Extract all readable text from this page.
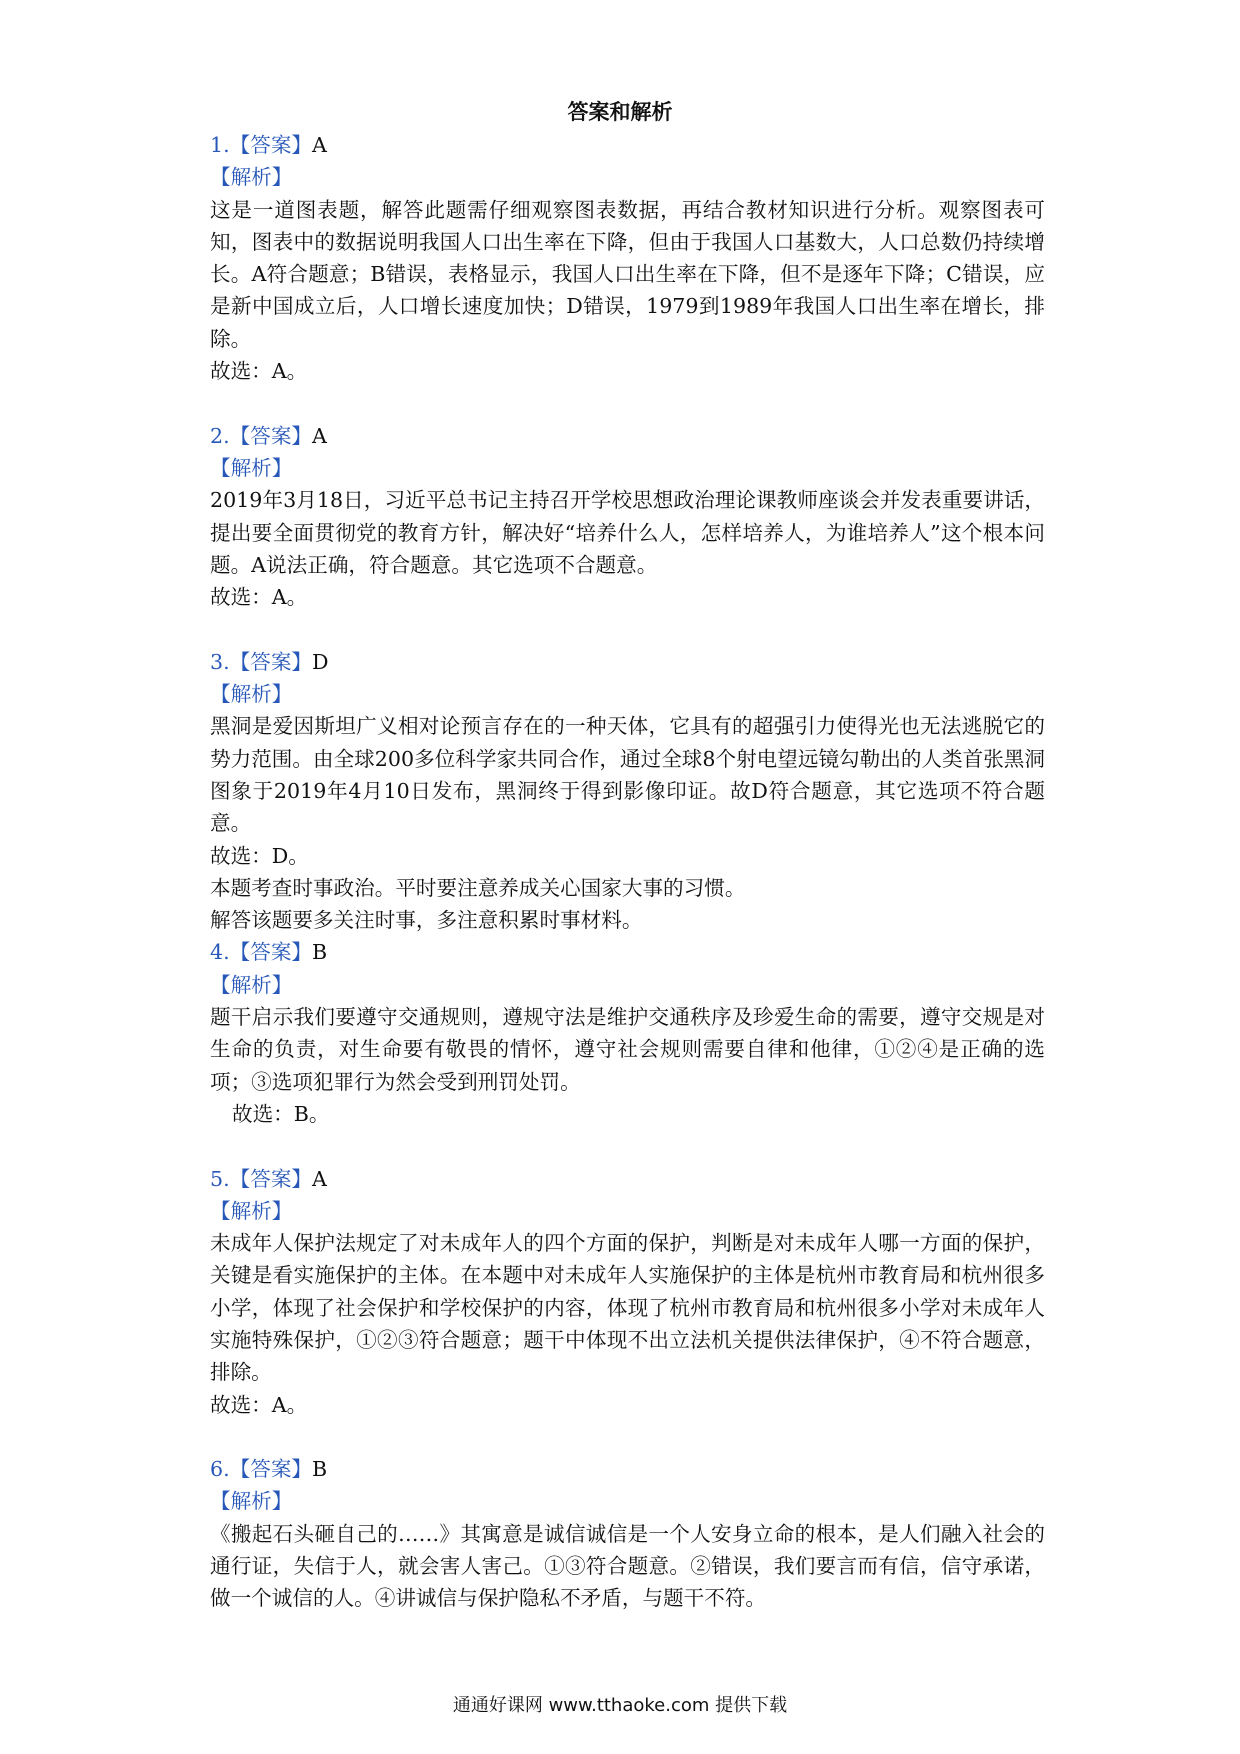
答案和解析
1.【答案】A
【解析】
这是一道图表题，解答此题需仔细观察图表数据，再结合教材知识进行分析。观察图表可知，图表中的数据说明我国人口出生率在下降，但由于我国人口基数大，人口总数仍持续增长。A符合题意；B错误，表格显示，我国人口出生率在下降，但不是逐年下降；C错误，应是新中国成立后，人口增长速度加快；D错误，1979到1989年我国人口出生率在增长，排除。
故选：A。
2.【答案】A
【解析】
2019年3月18日，习近平总书记主持召开学校思想政治理论课教师座谈会并发表重要讲话，提出要全面贯彻党的教育方针，解决好“培养什么人，怎样培养人，为谁培养人”这个根本问题。A说法正确，符合题意。其它选项不合题意。
故选：A。
3.【答案】D
【解析】
黑洞是爱因斯坦广义相对论预言存在的一种天体，它具有的超强引力使得光也无法逃脱它的势力范围。由全球200多位科学家共同合作，通过全球8个射电望远镜勾勒出的人类首张黑洞图象于2019年4月10日发布，黑洞终于得到影像印证。故D符合题意，其它选项不符合题意。
故选：D。
本题考查时事政治。平时要注意养成关心国家大事的习惯。
解答该题要多关注时事，多注意积累时事材料。
4.【答案】B
【解析】
题干启示我们要遵守交通规则，遵规守法是维护交通秩序及珍爱生命的需要，遵守交规是对生命的负责，对生命要有敬畏的情怀，遵守社会规则需要自律和他律，①②④是正确的选项；③选项犯罪行为然会受到刑罚处罚。
故选：B。
5.【答案】A
【解析】
未成年人保护法规定了对未成年人的四个方面的保护，判断是对未成年人哪一方面的保护，关键是看实施保护的主体。在本题中对未成年人实施保护的主体是杭州市教育局和杭州很多小学，体现了社会保护和学校保护的内容，体现了杭州市教育局和杭州很多小学对未成年人实施特殊保护，①②③符合题意；题干中体现不出立法机关提供法律保护，④不符合题意，排除。
故选：A。
6.【答案】B
【解析】
《搬起石头砸自己的……》其寓意是诚信诚信是一个人安身立命的根本，是人们融入社会的通行证，失信于人，就会害人害己。①③符合题意。②错误，我们要言而有信，信守承诺，做一个诚信的人。④讲诚信与保护隐私不矛盾，与题干不符。
通通好课网 www.tthaoke.com 提供下载
